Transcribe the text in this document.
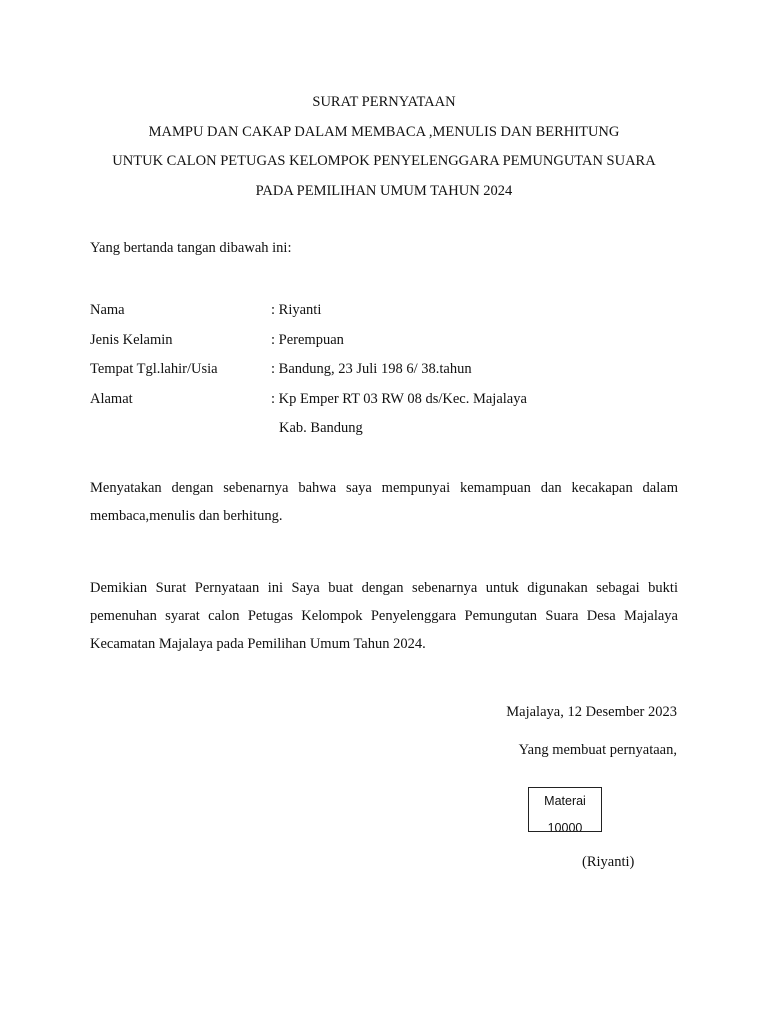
SURAT PERNYATAAN
MAMPU DAN CAKAP DALAM MEMBACA ,MENULIS DAN BERHITUNG
UNTUK CALON PETUGAS KELOMPOK PENYELENGGARA PEMUNGUTAN SUARA
PADA PEMILIHAN UMUM TAHUN 2024
Yang bertanda tangan dibawah ini:
Nama	: Riyanti
Jenis Kelamin	: Perempuan
Tempat Tgl.lahir/Usia	: Bandung, 23 Juli 198 6/ 38.tahun
Alamat	: Kp Emper RT 03 RW 08 ds/Kec. Majalaya
Kab. Bandung
Menyatakan dengan sebenarnya bahwa saya mempunyai kemampuan dan kecakapan dalam membaca,menulis dan berhitung.
Demikian Surat Pernyataan ini Saya buat dengan sebenarnya untuk digunakan sebagai bukti pemenuhan syarat calon Petugas Kelompok Penyelenggara Pemungutan Suara Desa Majalaya Kecamatan Majalaya pada Pemilihan Umum Tahun 2024.
Majalaya, 12 Desember 2023
Yang membuat pernyataan,
Materai
10000
(Riyanti)
